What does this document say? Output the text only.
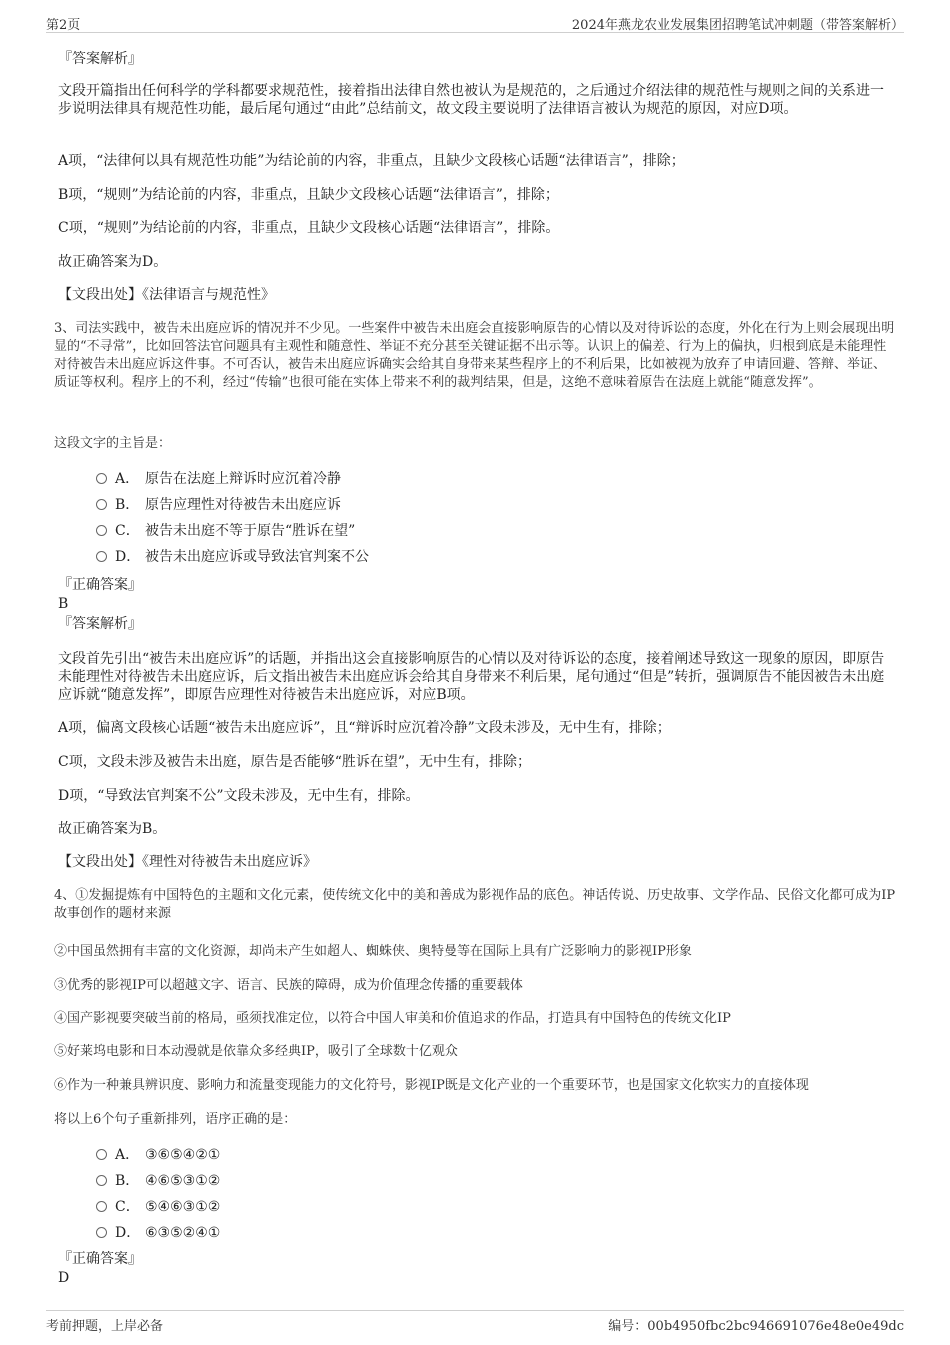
第2页	2024年燕龙农业发展集团招聘笔试冲刺题（带答案解析）
『答案解析』
文段开篇指出任何科学的学科都要求规范性，接着指出法律自然也被认为是规范的，之后通过介绍法律的规范性与规则之间的关系进一步说明法律具有规范性功能，最后尾句通过“由此”总结前文，故文段主要说明了法律语言被认为规范的原因，对应D项。
A项，“法律何以具有规范性功能”为结论前的内容，非重点，且缺少文段核心话题“法律语言”，排除；
B项，“规则”为结论前的内容，非重点，且缺少文段核心话题“法律语言”，排除；
C项，“规则”为结论前的内容，非重点，且缺少文段核心话题“法律语言”，排除。
故正确答案为D。
【文段出处】《法律语言与规范性》
3、司法实践中，被告未出庭应诉的情况并不少见。一些案件中被告未出庭会直接影响原告的心情以及对待诉讼的态度，外化在行为上则会展现出明显的“不寻常”，比如回答法官问题具有主观性和随意性、举证不充分甚至关键证据不出示等。认识上的偏差、行为上的偏执，归根到底是未能理性对待被告未出庭应诉这件事。不可否认，被告未出庭应诉确实会给其自身带来某些程序上的不利后果，比如被视为放弃了申请回避、答辩、举证、质证等权利。程序上的不利，经过“传输”也很可能在实体上带来不利的裁判结果，但是，这绝不意味着原告在法庭上就能“随意发挥”。
这段文字的主旨是：
A． 原告在法庭上辩诉时应沉着冷静
B． 原告应理性对待被告未出庭应诉
C． 被告未出庭不等于原告“胜诉在望”
D． 被告未出庭应诉或导致法官判案不公
『正确答案』
B
『答案解析』
文段首先引出“被告未出庭应诉”的话题，并指出这会直接影响原告的心情以及对待诉讼的态度，接着阐述导致这一现象的原因，即原告未能理性对待被告未出庭应诉，后文指出被告未出庭应诉会给其自身带来不利后果，尾句通过“但是”转折，强调原告不能因被告未出庭应诉就“随意发挥”，即原告应理性对待被告未出庭应诉，对应B项。
A项，偏离文段核心话题“被告未出庭应诉”，且“辩诉时应沉着冷静”文段未涉及，无中生有，排除；
C项，文段未涉及被告未出庭，原告是否能够“胜诉在望”，无中生有，排除；
D项，“导致法官判案不公”文段未涉及，无中生有，排除。
故正确答案为B。
【文段出处】《理性对待被告未出庭应诉》
4、①发掘提炼有中国特色的主题和文化元素，使传统文化中的美和善成为影视作品的底色。神话传说、历史故事、文学作品、民俗文化都可成为IP故事创作的题材来源
②中国虽然拥有丰富的文化资源，却尚未产生如超人、蜘蛛侠、奥特曼等在国际上具有广泛影响力的影视IP形象
③优秀的影视IP可以超越文字、语言、民族的障碍，成为价值理念传播的重要载体
④国产影视要突破当前的格局，亟须找准定位，以符合中国人审美和价值追求的作品，打造具有中国特色的传统文化IP
⑤好莱坞电影和日本动漫就是依靠众多经典IP，吸引了全球数十亿观众
⑥作为一种兼具辨识度、影响力和流量变现能力的文化符号，影视IP既是文化产业的一个重要环节，也是国家文化软实力的直接体现
将以上6个句子重新排列，语序正确的是：
A． ③⑥⑤④②①
B． ④⑥⑤③①②
C． ⑤④⑥③①②
D． ⑥③⑤②④①
『正确答案』
D
考前押题，上岸必备	编号：00b4950fbc2bc946691076e48e0e49dc
